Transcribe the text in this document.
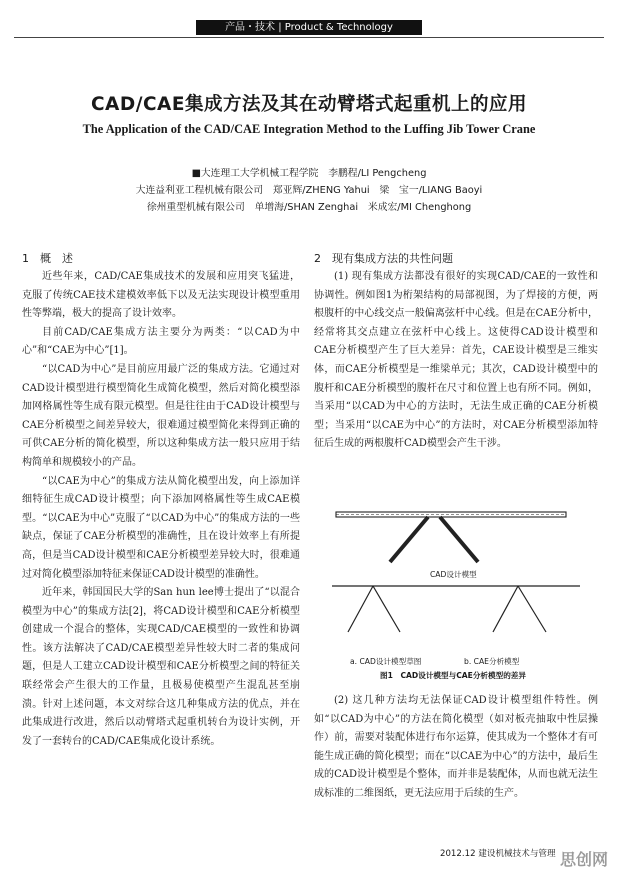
产品・技术 | Product & Technology
CAD/CAE集成方法及其在动臂塔式起重机上的应用
The Application of the CAD/CAE Integration Method to the Luffing Jib Tower Crane
■大连理工大学机械工程学院　李鹏程/LI Pengcheng
大连益利亚工程机械有限公司　郑亚辉/ZHENG Yahui　梁　宝一/LIANG Baoyi
徐州重型机械有限公司　单增海/SHAN Zenghai　米成宏/MI Chenghong
1　概　述

近些年来，CAD/CAE集成技术的发展和应用突飞猛进，克服了传统CAE技术建模效率低下以及无法实现设计模型重用性等弊端，极大的提高了设计效率。

目前CAD/CAE集成方法主要分为两类：“以CAD为中心”和“CAE为中心”[1]。

“以CAD为中心”是目前应用最广泛的集成方法。它通过对CAD设计模型进行模型简化生成简化模型，然后对简化模型添加网格属性等生成有限元模型。但是往往由于CAD设计模型与CAE分析模型之间差异较大，很难通过模型简化来得到正确的可供CAE分析的简化模型，所以这种集成方法一般只应用于结构简单和规模较小的产品。

“以CAE为中心”的集成方法从简化模型出发，向上添加详细特征生成CAD设计模型；向下添加网格属性等生成CAE模型。“以CAE为中心”克服了“以CAD为中心”的集成方法的一些缺点，保证了CAE分析模型的准确性，且在设计效率上有所提高，但是当CAD设计模型和CAE分析模型差异较大时，很难通过对简化模型添加特征来保证CAD设计模型的准确性。

近年来，韩国国民大学的San hun lee博士提出了“以混合模型为中心”的集成方法[2]，将CAD设计模型和CAE分析模型创建成一个混合的整体，实现CAD/CAE模型的一致性和协调性。该方法解决了CAD/CAE模型差异性较大时二者的集成问题，但是人工建立CAD设计模型和CAE分析模型之间的特征关联经常会产生很大的工作量，且极易使模型产生混乱甚至崩溃。针对上述问题，本文对综合这几种集成方法的优点，并在此集成进行改进，然后以动臂塔式起重机转台为设计实例，开发了一套转台的CAD/CAE集成化设计系统。

2　现有集成方法的共性问题

(1) 现有集成方法都没有很好的实现CAD/CAE的一致性和协调性。例如图1为桁架结构的局部视图，为了焊接的方便，两根腹杆的中心线交点一般偏离弦杆中心线。但是在CAE分析中，经常将其交点建立在弦杆中心线上。这使得CAD设计模型和CAE分析模型产生了巨大差异：首先，CAE设计模型是三维实体，而CAE分析模型是一维梁单元；其次，CAD设计模型中的腹杆和CAE分析模型的腹杆在尺寸和位置上也有所不同。例如，当采用“以CAD为中心的方法时，无法生成正确的CAE分析模型；当采用“以CAE为中心”的方法时，对CAE分析模型添加特征后生成的两根腹杆CAD模型会产生干涉。

CAD设计模型
a. CAD设计模型草图	b. CAE分析模型
图1　CAD设计模型与CAE分析模型的差异

(2) 这几种方法均无法保证CAD设计模型组件特性。例如“以CAD为中心”的方法在简化模型（如对板壳抽取中性层操作）前，需要对装配体进行布尔运算，使其成为一个整体才有可能生成正确的简化模型；而在“以CAE为中心”的方法中，最后生成的CAD设计模型是个整体，而并非是装配体，从而也就无法生成标准的二维图纸，更无法应用于后续的生产。

2012.12 建设机械技术与管理 思创网
